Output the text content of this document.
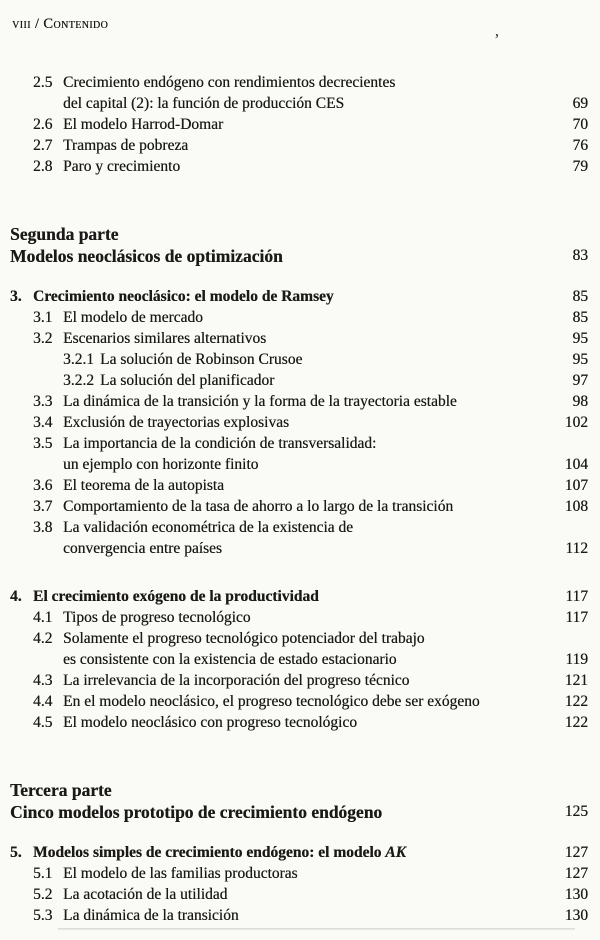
viii / Contenido
’
2.5 Crecimiento endógeno con rendimientos decrecientes
del capital (2): la función de producción CES	69
2.6 El modelo Harrod-Domar	70
2.7 Trampas de pobreza	76
2.8 Paro y crecimiento	79
Segunda parte
Modelos neoclásicos de optimización	83
3. Crecimiento neoclásico: el modelo de Ramsey	85
3.1 El modelo de mercado	85
3.2 Escenarios similares alternativos	95
3.2.1 La solución de Robinson Crusoe	95
3.2.2 La solución del planificador	97
3.3 La dinámica de la transición y la forma de la trayectoria estable	98
3.4 Exclusión de trayectorias explosivas	102
3.5 La importancia de la condición de transversalidad:
un ejemplo con horizonte finito	104
3.6 El teorema de la autopista	107
3.7 Comportamiento de la tasa de ahorro a lo largo de la transición	108
3.8 La validación econométrica de la existencia de
convergencia entre países	112
4. El crecimiento exógeno de la productividad	117
4.1 Tipos de progreso tecnológico	117
4.2 Solamente el progreso tecnológico potenciador del trabajo
es consistente con la existencia de estado estacionario	119
4.3 La irrelevancia de la incorporación del progreso técnico	121
4.4 En el modelo neoclásico, el progreso tecnológico debe ser exógeno	122
4.5 El modelo neoclásico con progreso tecnológico	122
Tercera parte
Cinco modelos prototipo de crecimiento endógeno	125
5. Modelos simples de crecimiento endógeno: el modelo AK	127
5.1 El modelo de las familias productoras	127
5.2 La acotación de la utilidad	130
5.3 La dinámica de la transición	130
